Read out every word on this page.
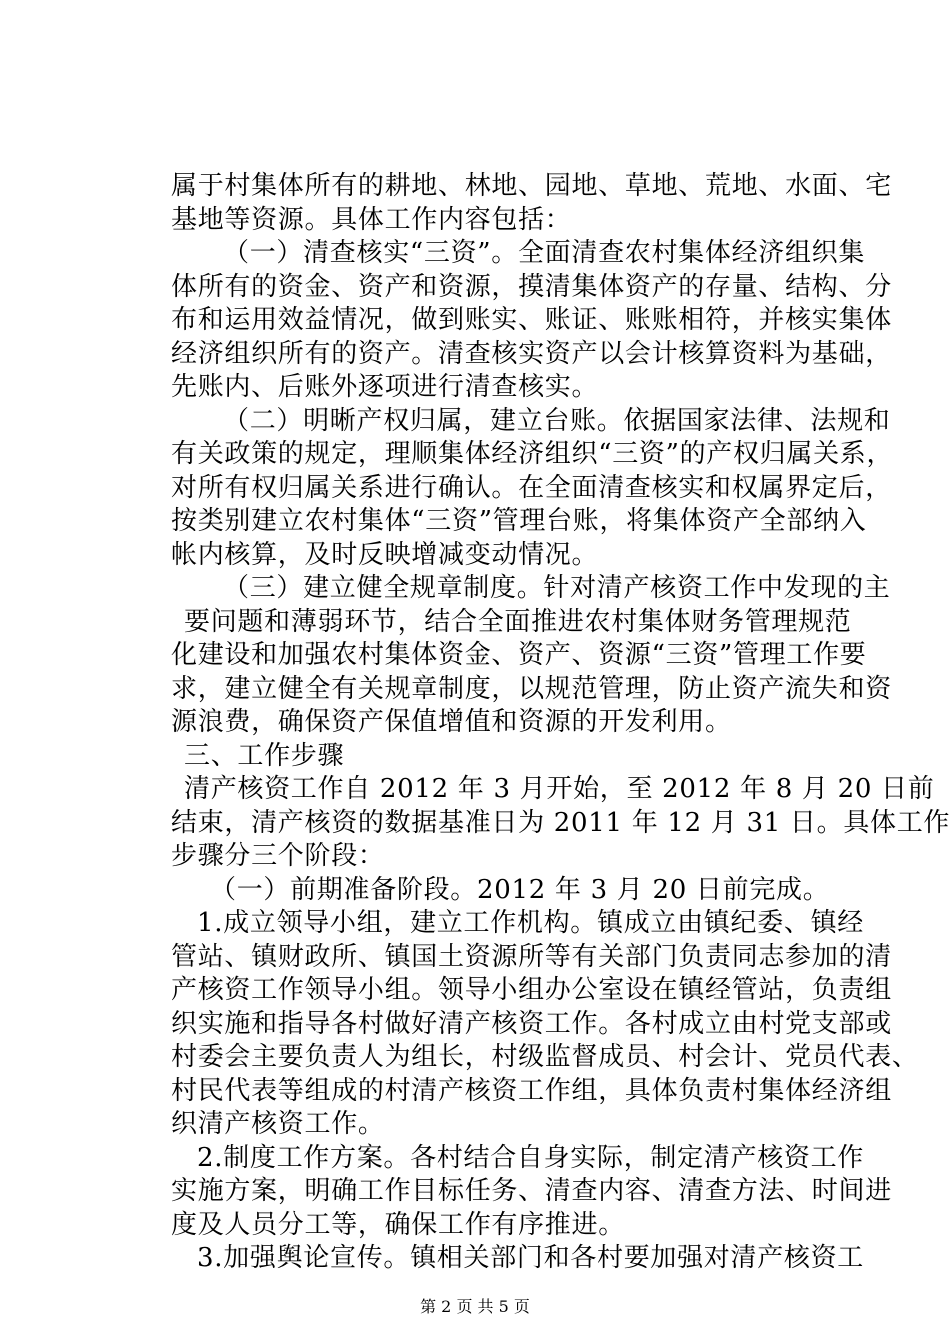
属于村集体所有的耕地、林地、园地、草地、荒地、水面、宅
基地等资源。具体工作内容包括：
（一）清查核实“三资”。全面清查农村集体经济组织集
体所有的资金、资产和资源，摸清集体资产的存量、结构、分
布和运用效益情况，做到账实、账证、账账相符，并核实集体
经济组织所有的资产。清查核实资产以会计核算资料为基础，
先账内、后账外逐项进行清查核实。
（二）明晰产权归属，建立台账。依据国家法律、法规和
有关政策的规定，理顺集体经济组织“三资”的产权归属关系，
对所有权归属关系进行确认。在全面清查核实和权属界定后，
按类别建立农村集体“三资”管理台账，将集体资产全部纳入
帐内核算，及时反映增减变动情况。
（三）建立健全规章制度。针对清产核资工作中发现的主
要问题和薄弱环节，结合全面推进农村集体财务管理规范
化建设和加强农村集体资金、资产、资源“三资”管理工作要
求，建立健全有关规章制度，以规范管理，防止资产流失和资
源浪费，确保资产保值增值和资源的开发利用。
三、工作步骤
清产核资工作自 2012 年 3 月开始，至 2012 年 8 月 20 日前
结束，清产核资的数据基准日为 2011 年 12 月 31 日。具体工作
步骤分三个阶段：
（一）前期准备阶段。2012 年 3 月 20 日前完成。
1.成立领导小组，建立工作机构。镇成立由镇纪委、镇经
管站、镇财政所、镇国土资源所等有关部门负责同志参加的清
产核资工作领导小组。领导小组办公室设在镇经管站，负责组
织实施和指导各村做好清产核资工作。各村成立由村党支部或
村委会主要负责人为组长，村级监督成员、村会计、党员代表、
村民代表等组成的村清产核资工作组，具体负责村集体经济组
织清产核资工作。
2.制度工作方案。各村结合自身实际，制定清产核资工作
实施方案，明确工作目标任务、清查内容、清查方法、时间进
度及人员分工等，确保工作有序推进。
3.加强舆论宣传。镇相关部门和各村要加强对清产核资工
第 2 页 共 5 页
